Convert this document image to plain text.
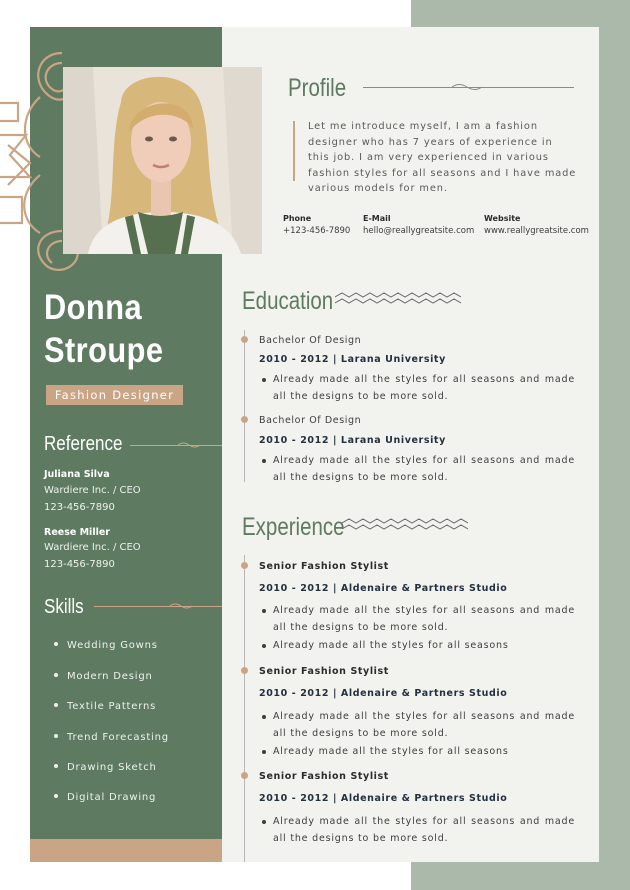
Donna
Stroupe
Fashion Designer
Reference
Juliana Silva
Wardiere Inc. / CEO
123-456-7890
Reese Miller
Wardiere Inc. / CEO
123-456-7890
Skills
Wedding Gowns
Modern Design
Textile Patterns
Trend Forecasting
Drawing Sketch
Digital Drawing
Profile
Let me introduce myself, I am a fashion designer who has 7 years of experience in this job. I am very experienced in various fashion styles for all seasons and I have made various models for men.
Phone
+123-456-7890
E-Mail
hello@reallygreatsite.com
Website
www.reallygreatsite.com
Education
Bachelor Of Design
2010 - 2012 | Larana University
Already made all the styles for all seasons and made all the designs to be more sold.
Bachelor Of Design
2010 - 2012 | Larana University
Already made all the styles for all seasons and made all the designs to be more sold.
Experience
Senior Fashion Stylist
2010 - 2012 | Aldenaire & Partners Studio
Already made all the styles for all seasons and made all the designs to be more sold.
Already made all the styles for all seasons
Senior Fashion Stylist
2010 - 2012 | Aldenaire & Partners Studio
Already made all the styles for all seasons and made all the designs to be more sold.
Already made all the styles for all seasons
Senior Fashion Stylist
2010 - 2012 | Aldenaire & Partners Studio
Already made all the styles for all seasons and made all the designs to be more sold.
